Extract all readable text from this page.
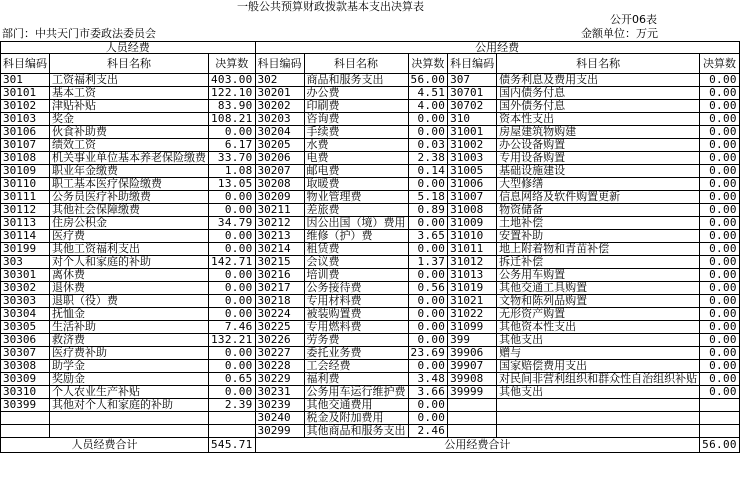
一般公共预算财政拨款基本支出决算表
公开06表
部门：中共天门市委政法委员会	金额单位：万元
人员经费			公用经费					
科目编码	科目名称	决算数	科目编码	科目名称	决算数	科目编码	科目名称	决算数
301	工资福利支出	403.00	302	商品和服务支出	56.00	307	债务利息及费用支出	0.00
30101	基本工资	122.10	30201	办公费	4.51	30701	国内债务付息	0.00
30102	津贴补贴	83.90	30202	印刷费	4.00	30702	国外债务付息	0.00
30103	奖金	108.21	30203	咨询费	0.00	310	资本性支出	0.00
30106	伙食补助费	0.00	30204	手续费	0.00	31001	房屋建筑物购建	0.00
30107	绩效工资	6.17	30205	水费	0.03	31002	办公设备购置	0.00
30108	机关事业单位基本养老保险缴费	33.70	30206	电费	2.38	31003	专用设备购置	0.00
30109	职业年金缴费	1.08	30207	邮电费	0.14	31005	基础设施建设	0.00
30110	职工基本医疗保险缴费	13.05	30208	取暖费	0.00	31006	大型修缮	0.00
30111	公务员医疗补助缴费	0.00	30209	物业管理费	5.18	31007	信息网络及软件购置更新	0.00
30112	其他社会保障缴费	0.00	30211	差旅费	0.89	31008	物资储备	0.00
30113	住房公积金	34.79	30212	因公出国（境）费用	0.00	31009	土地补偿	0.00
30114	医疗费	0.00	30213	维修（护）费	3.65	31010	安置补助	0.00
30199	其他工资福利支出	0.00	30214	租赁费	0.00	31011	地上附着物和青苗补偿	0.00
303	对个人和家庭的补助	142.71	30215	会议费	1.37	31012	拆迁补偿	0.00
30301	离休费	0.00	30216	培训费	0.00	31013	公务用车购置	0.00
30302	退休费	0.00	30217	公务接待费	0.56	31019	其他交通工具购置	0.00
30303	退职（役）费	0.00	30218	专用材料费	0.00	31021	文物和陈列品购置	0.00
30304	抚恤金	0.00	30224	被装购置费	0.00	31022	无形资产购置	0.00
30305	生活补助	7.46	30225	专用燃料费	0.00	31099	其他资本性支出	0.00
30306	救济费	132.21	30226	劳务费	0.00	399	其他支出	0.00
30307	医疗费补助	0.00	30227	委托业务费	23.69	39906	赠与	0.00
30308	助学金	0.00	30228	工会经费	0.00	39907	国家赔偿费用支出	0.00
30309	奖励金	0.65	30229	福利费	3.48	39908	对民间非营利组织和群众性自治组织补贴	0.00
30310	个人农业生产补贴	0.00	30231	公务用车运行维护费	3.66	39999	其他支出	0.00
30399	其他对个人和家庭的补助	2.39	30239	其他交通费用	0.00			
			30240	税金及附加费用	0.00			
			30299	其他商品和服务支出	2.46			
人员经费合计		545.71	公用经费合计					56.00
